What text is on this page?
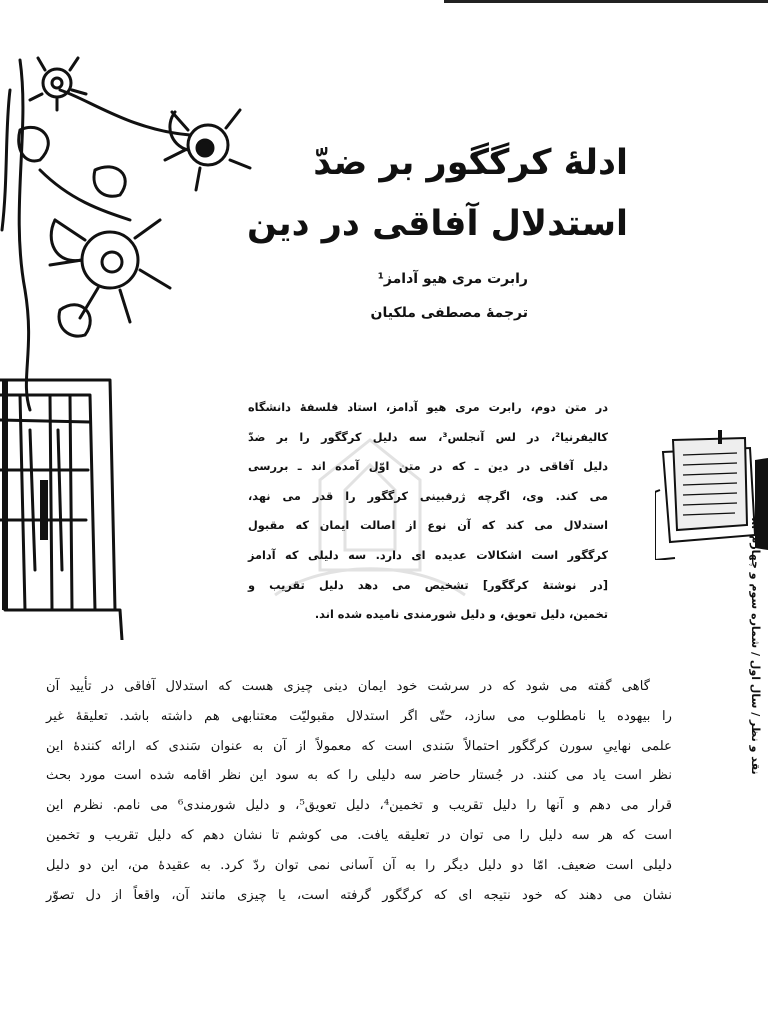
ادلهٔ کرگگور بر ضدّ
استدلال آفاقی در دین
رابرت مری هیو آدامز¹
ترجمهٔ مصطفی ملکیان
در متن دوم، رابرت مری هیو آدامز، استاد فلسفهٔ دانشگاه
کالیفرنیا²، در لس آنجلس³، سه دلیل کرگگور را بر ضدّ
دلیل آفاقی در دین ـ که در متن اوّل آمده اند ـ بررسی
می کند. وی، اگرچه ژرفبینی کرگگور را قدر می نهد،
استدلال می کند که آن نوع از اصالت ایمان که مقبول
کرگگور است اشکالات عدیده ای دارد. سه دلیلی که آدامز
[در نوشتهٔ کرگگور] تشخیص می دهد دلیل تقریب و
تخمین، دلیل تعویق، و دلیل شورمندی نامیده شده اند.
نقد و نظر / سال اول / شماره سوم و چهارم ۸۲
گاهی گفته می شود که در سرشت خود ایمان دینی چیزی هست که استدلال آفاقی در تأیید آن
را بیهوده یا نامطلوب می سازد، حتّی اگر استدلال مقبولیّت معتنابهی هم داشته باشد. تعلیقهٔ غیر
علمی نهاییِ سورن کرگگور احتمالاً سَندی است که معمولاً از آن به عنوان سَندی که ارائه کنندهٔ این
نظر است یاد می کنند. در جُستار حاضر سه دلیلی را که به سود این نظر اقامه شده است مورد بحث
قرار می دهم و آنها را دلیل تقریب و تخمین⁴، دلیل تعویق⁵، و دلیل شورمندی⁶ می نامم. نظرم این
است که هر سه دلیل را می توان در تعلیقه یافت. می کوشم تا نشان دهم که دلیل تقریب و تخمین
دلیلی است ضعیف. امّا دو دلیل دیگر را به آن آسانی نمی توان ردّ کرد. به عقیدهٔ من، این دو دلیل
نشان می دهند که خود نتیجه ای که کرگگور گرفته است، یا چیزی مانند آن، واقعاً از دل تصوّر
